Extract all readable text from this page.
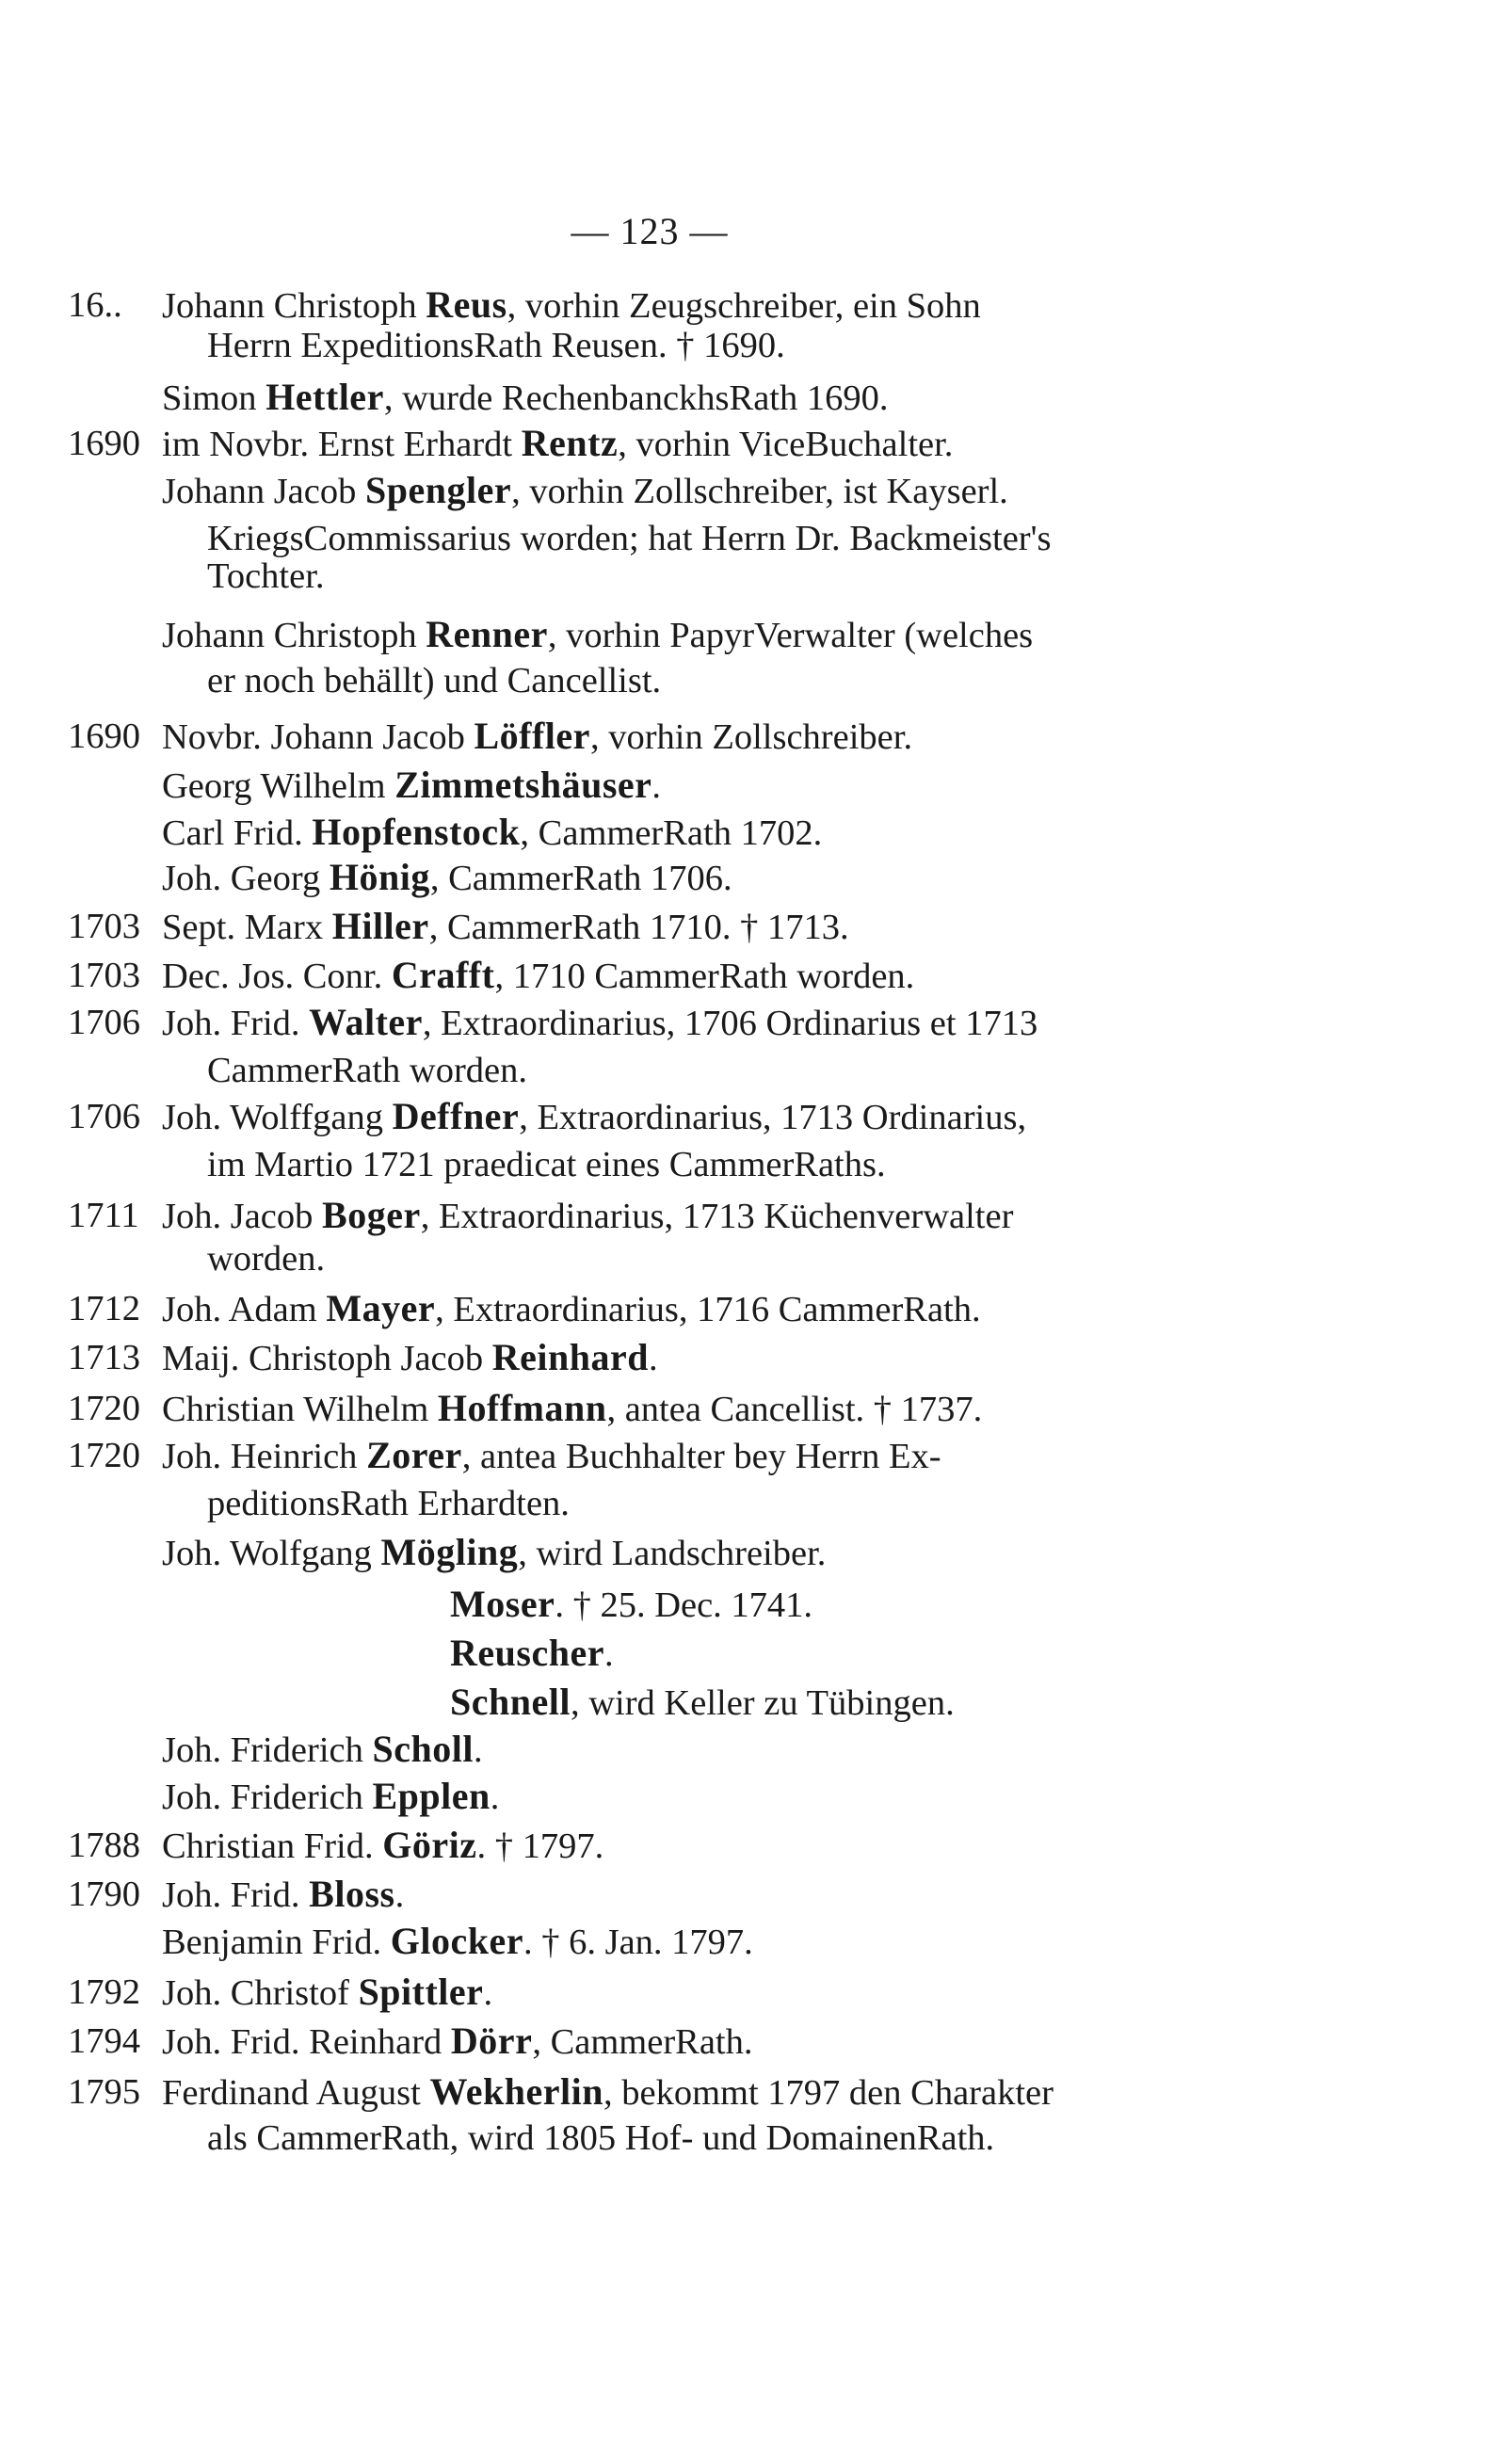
— 123 —
16..	Johann Christoph Reus, vorhin Zeugschreiber, ein Sohn
Herrn ExpeditionsRath Reusen. † 1690.
Simon Hettler, wurde RechenbanckhsRath 1690.
1690 im Novbr. Ernst Erhardt Rentz, vorhin ViceBuchalter.
Johann Jacob Spengler, vorhin Zollschreiber, ist Kayserl.
KriegsCommissarius worden; hat Herrn Dr. Backmeister's
Tochter.
Johann Christoph Renner, vorhin PapyrVerwalter (welches
er noch behällt) und Cancellist.
1690 Novbr. Johann Jacob Löffler, vorhin Zollschreiber.
Georg Wilhelm Zimmetshäuser.
Carl Frid. Hopfenstock, CammerRath 1702.
Joh. Georg Hönig, CammerRath 1706.
1703 Sept. Marx Hiller, CammerRath 1710. † 1713.
1703 Dec. Jos. Conr. Crafft, 1710 CammerRath worden.
1706 Joh. Frid. Walter, Extraordinarius, 1706 Ordinarius et 1713
CammerRath worden.
1706 Joh. Wolffgang Deffner, Extraordinarius, 1713 Ordinarius,
im Martio 1721 praedicat eines CammerRaths.
1711 Joh. Jacob Boger, Extraordinarius, 1713 Küchenverwalter
worden.
1712 Joh. Adam Mayer, Extraordinarius, 1716 CammerRath.
1713 Maij. Christoph Jacob Reinhard.
1720 Christian Wilhelm Hoffmann, antea Cancellist. † 1737.
1720 Joh. Heinrich Zorer, antea Buchhalter bey Herrn Ex-
peditionsRath Erhardten.
Joh. Wolfgang Mögling, wird Landschreiber.
Moser. † 25. Dec. 1741.
Reuscher.
Schnell, wird Keller zu Tübingen.
Joh. Friderich Scholl.
Joh. Friderich Epplen.
1788 Christian Frid. Göriz. † 1797.
1790 Joh. Frid. Bloss.
Benjamin Frid. Glocker. † 6. Jan. 1797.
1792 Joh. Christof Spittler.
1794 Joh. Frid. Reinhard Dörr, CammerRath.
1795 Ferdinand August Wekherlin, bekommt 1797 den Charakter
als CammerRath, wird 1805 Hof- und DomainenRath.
